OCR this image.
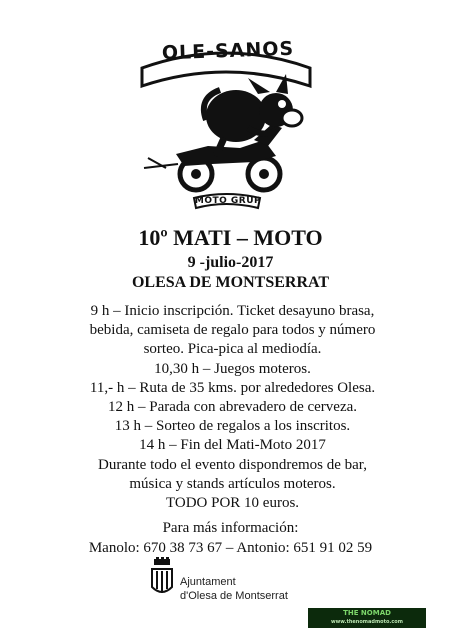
OLE-SANOS
MOTO GRUP
10º MATI – MOTO
9 -julio-2017
OLESA DE MONTSERRAT
9 h – Inicio inscripción. Ticket desayuno brasa,
bebida, camiseta de regalo para todos y número
sorteo. Pica-pica al mediodía.
10,30 h – Juegos moteros.
11,- h – Ruta de 35 kms. por alrededores Olesa.
12 h – Parada con abrevadero de cerveza.
13 h – Sorteo de regalos a los inscritos.
14 h – Fin del Mati-Moto 2017
Durante todo el evento dispondremos de bar,
música y stands artículos moteros.
TODO POR 10 euros.
Para más información:
Manolo: 670 38 73 67 – Antonio: 651 91 02 59
Ajuntament
d'Olesa de Montserrat
THE NOMAD
www.thenomadmoto.com
